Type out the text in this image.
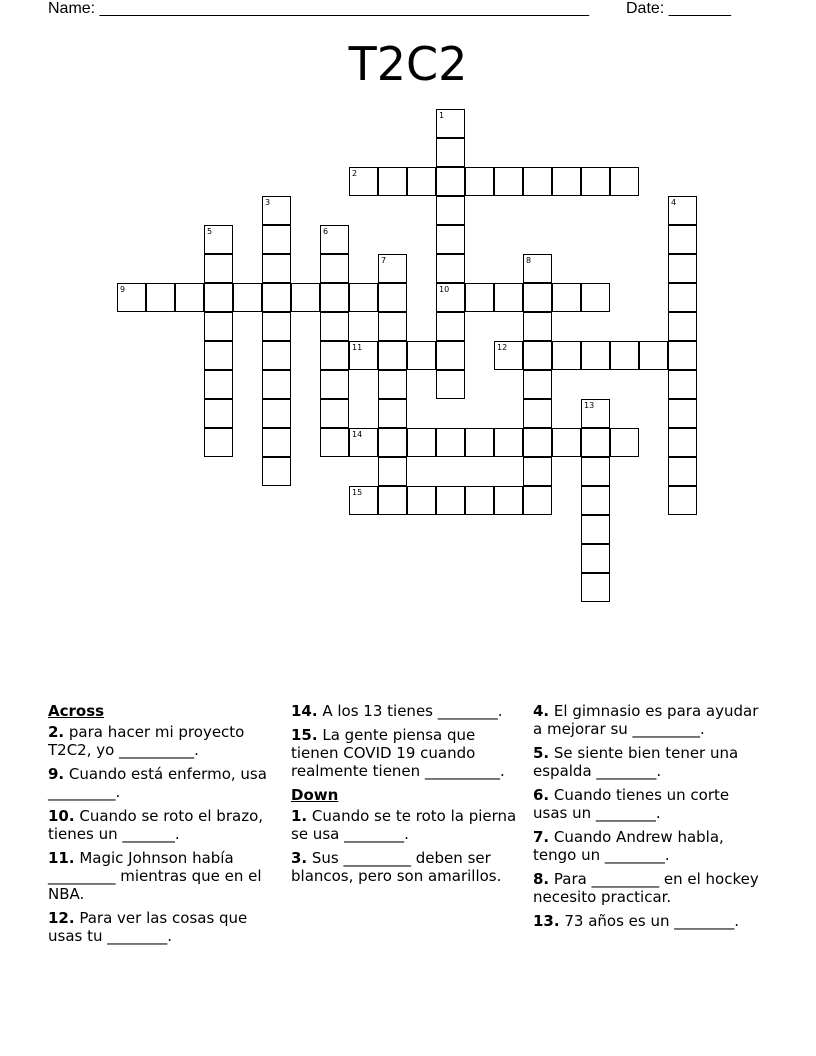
Name: _______________________________________________________ Date: _______
T2C2
1
2
3	4
5	6
7	8
9	10
11	12
13
14
15
Across
2. para hacer mi proyecto T2C2, yo __________.
9. Cuando está enfermo, usa _________.
10. Cuando se roto el brazo, tienes un _______.
11. Magic Johnson había _________ mientras que en el NBA.
12. Para ver las cosas que usas tu ________.
14. A los 13 tienes ________.
15. La gente piensa que tienen COVID 19 cuando realmente tienen __________.
Down
1. Cuando se te roto la pierna se usa ________.
3. Sus _________ deben ser blancos, pero son amarillos.
4. El gimnasio es para ayudar a mejorar su _________.
5. Se siente bien tener una espalda ________.
6. Cuando tienes un corte usas un ________.
7. Cuando Andrew habla, tengo un ________.
8. Para _________ en el hockey necesito practicar.
13. 73 años es un ________.
